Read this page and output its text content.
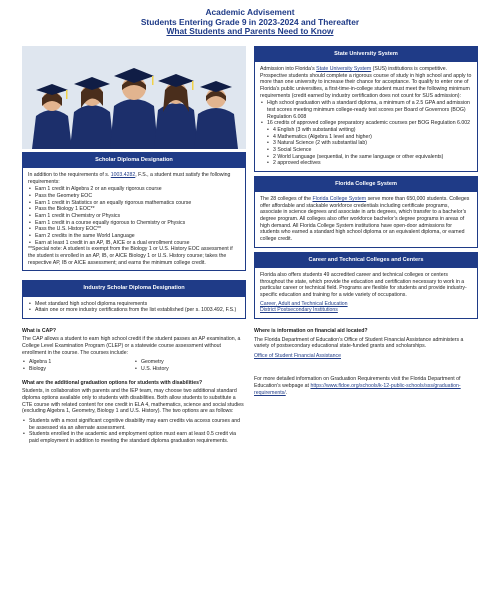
Academic Advisement
Students Entering Grade 9 in 2023-2024 and Thereafter
What Students and Parents Need to Know
Scholar Diploma Designation

In addition to the requirements of s. 1003.4282, F.S., a student must satisfy the following requirements:

• Earn 1 credit in Algebra 2 or an equally rigorous course
• Pass the Geometry EOC
• Earn 1 credit in Statistics or an equally rigorous mathematics course
• Pass the Biology 1 EOC**
• Earn 1 credit in Chemistry or Physics
• Earn 1 credit in a course equally rigorous to Chemistry or Physics
• Pass the U.S. History EOC**
• Earn 2 credits in the same World Language
• Earn at least 1 credit in an AP, IB, AICE or a dual enrollment course

**Special note: A student is exempt from the Biology 1 or U.S. History EOC assessment if the student is enrolled in an AP, IB, or AICE Biology 1 or U.S. History course; takes the respective AP, IB or AICE assessment; and earns the minimum college credit.

Industry Scholar Diploma Designation
• Meet standard high school diploma requirements
• Attain one or more industry certifications from the list established (per s. 1003.492, F.S.)
What is CAP?

The CAP allows a student to earn high school credit if the student passes an AP examination, a College Level Examination Program (CLEP) or a statewide course assessment without enrollment in the course. The courses include:

• Algebra 1
• Biology
• Geometry
• U.S. History
What are the additional graduation options for students with disabilities?

Students, in collaboration with parents and the IEP team, may choose two additional standard diploma options available only to students with disabilities. Both allow students to substitute a CTE course with related content for one credit in ELA 4, mathematics, science and social studies (excluding Algebra 1, Geometry, Biology 1 and U.S. History). The two options are as follows:

• Students with a most significant cognitive disability may earn credits via access courses and be assessed via an alternate assessment.
• Students enrolled in the academic and employment option must earn at least 0.5 credit via paid employment in addition to meeting the standard diploma graduation requirements.
State University System

Admission into Florida’s State University System (SUS) institutions is competitive. Prospective students should complete a rigorous course of study in high school and apply to more than one university to increase their chance for acceptance. To qualify to enter one of Florida’s public universities, a first-time-in-college student must meet the following minimum requirements (credit earned by industry certification does not count for SUS admission):

• High school graduation with a standard diploma, a minimum of a 2.5 GPA and admission test scores meeting minimum college-ready test scores per Board of Governors (BOG) Regulation 6.008
• 16 credits of approved college preparatory academic courses per BOG Regulation 6.002
• 4 English (3 with substantial writing)
• 4 Mathematics (Algebra 1 level and higher)
• 3 Natural Science (2 with substantial lab)
• 3 Social Science
• 2 World Language (sequential, in the same language or other equivalents)
• 2 approved electives
Florida College System

The 28 colleges of the Florida College System serve more than 650,000 students. Colleges offer affordable and stackable workforce credentials including certificate programs, associate in science degrees and associate in arts degrees, which transfer to a bachelor’s degree program. All colleges also offer workforce bachelor’s degree programs in areas of high demand. All Florida College System institutions have open-door admissions for students who earned a standard high school diploma or an equivalent diploma, or earned college credit.

Career and Technical Colleges and Centers

Florida also offers students 49 accredited career and technical colleges or centers throughout the state, which provide the education and certification necessary to work in a particular career or technical field. Programs are flexible for students and provide industry-specific education and training for a wide variety of occupations.

Career, Adult and Technical Education
District Postsecondary Institutions
Where is information on financial aid located?

The Florida Department of Education’s Office of Student Financial Assistance administers a variety of postsecondary educational state-funded grants and scholarships.

Office of Student Financial Assistance

For more detailed information on Graduation Requirements visit the Florida Department of Education’s webpage at https://www.fldoe.org/schools/k-12-public-schools/sss/graduation-requirements/.
